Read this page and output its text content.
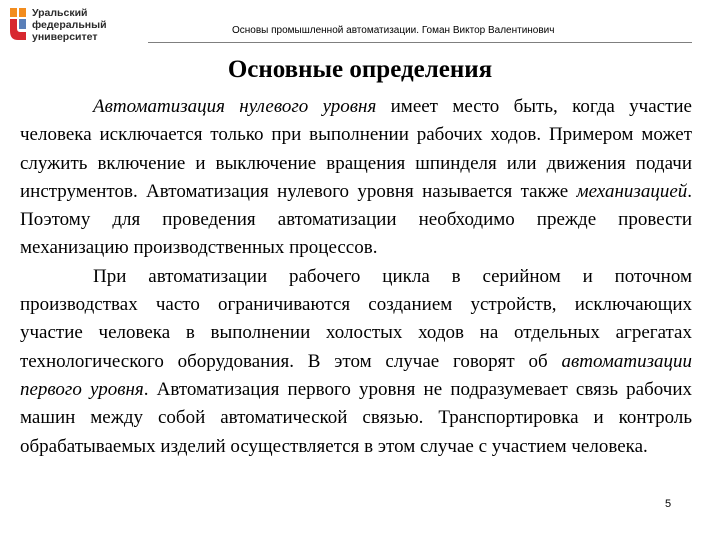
Уральский
федеральный
университет
Основы промышленной автоматизации. Гоман Виктор Валентинович
Основные определения

Автоматизация нулевого уровня имеет место быть, когда участие человека исключается только при выполнении рабочих ходов. Примером может служить включение и выключение вращения шпинделя или движения подачи инструментов. Автоматизация нулевого уровня называется также механизацией. Поэтому для проведения автоматизации необходимо прежде провести механизацию производственных процессов.

При автоматизации рабочего цикла в серийном и поточном производствах часто ограничиваются созданием устройств, исключающих участие человека в выполнении холостых ходов на отдельных агрегатах технологического оборудования. В этом случае говорят об автоматизации первого уровня. Автоматизация первого уровня не подразумевает связь рабочих машин между собой автоматической связью. Транспортировка и контроль обрабатываемых изделий осуществляется в этом случае с участием человека.

5
